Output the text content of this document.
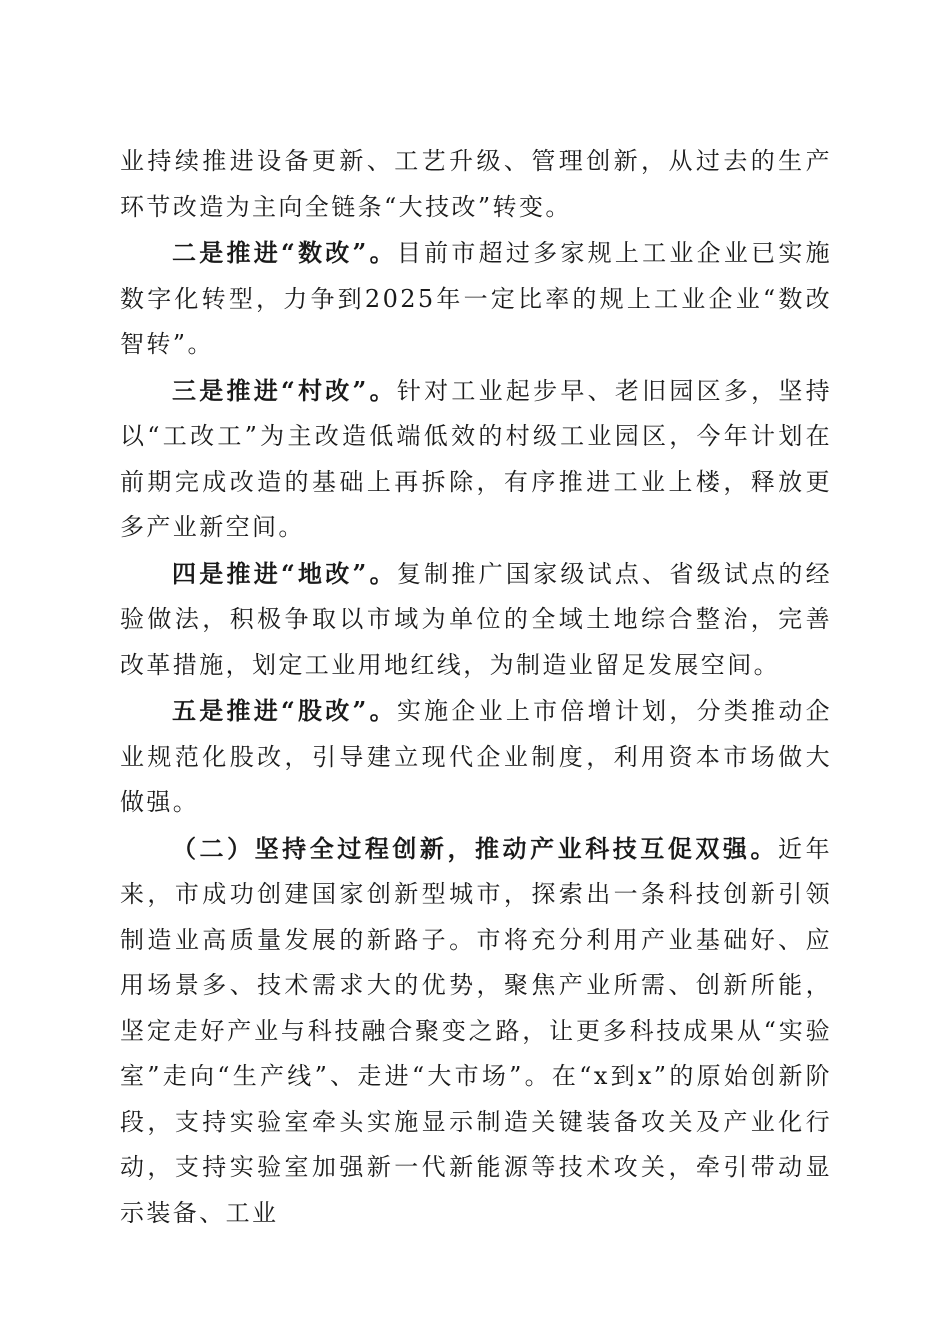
业持续推进设备更新、工艺升级、管理创新，从过去的生产环节改造为主向全链条“大技改”转变。

二是推进“数改”。目前市超过多家规上工业企业已实施数字化转型，力争到2025年一定比率的规上工业企业“数改智转”。

三是推进“村改”。针对工业起步早、老旧园区多，坚持以“工改工”为主改造低端低效的村级工业园区，今年计划在前期完成改造的基础上再拆除，有序推进工业上楼，释放更多产业新空间。

四是推进“地改”。复制推广国家级试点、省级试点的经验做法，积极争取以市域为单位的全域土地综合整治，完善改革措施，划定工业用地红线，为制造业留足发展空间。

五是推进“股改”。实施企业上市倍增计划，分类推动企业规范化股改，引导建立现代企业制度，利用资本市场做大做强。

（二）坚持全过程创新，推动产业科技互促双强。近年来，市成功创建国家创新型城市，探索出一条科技创新引领制造业高质量发展的新路子。市将充分利用产业基础好、应用场景多、技术需求大的优势，聚焦产业所需、创新所能，坚定走好产业与科技融合聚变之路，让更多科技成果从“实验室”走向“生产线”、走进“大市场”。在“x到x”的原始创新阶段，支持实验室牵头实施显示制造关键装备攻关及产业化行动，支持实验室加强新一代新能源等技术攻关，牵引带动显示装备、工业
